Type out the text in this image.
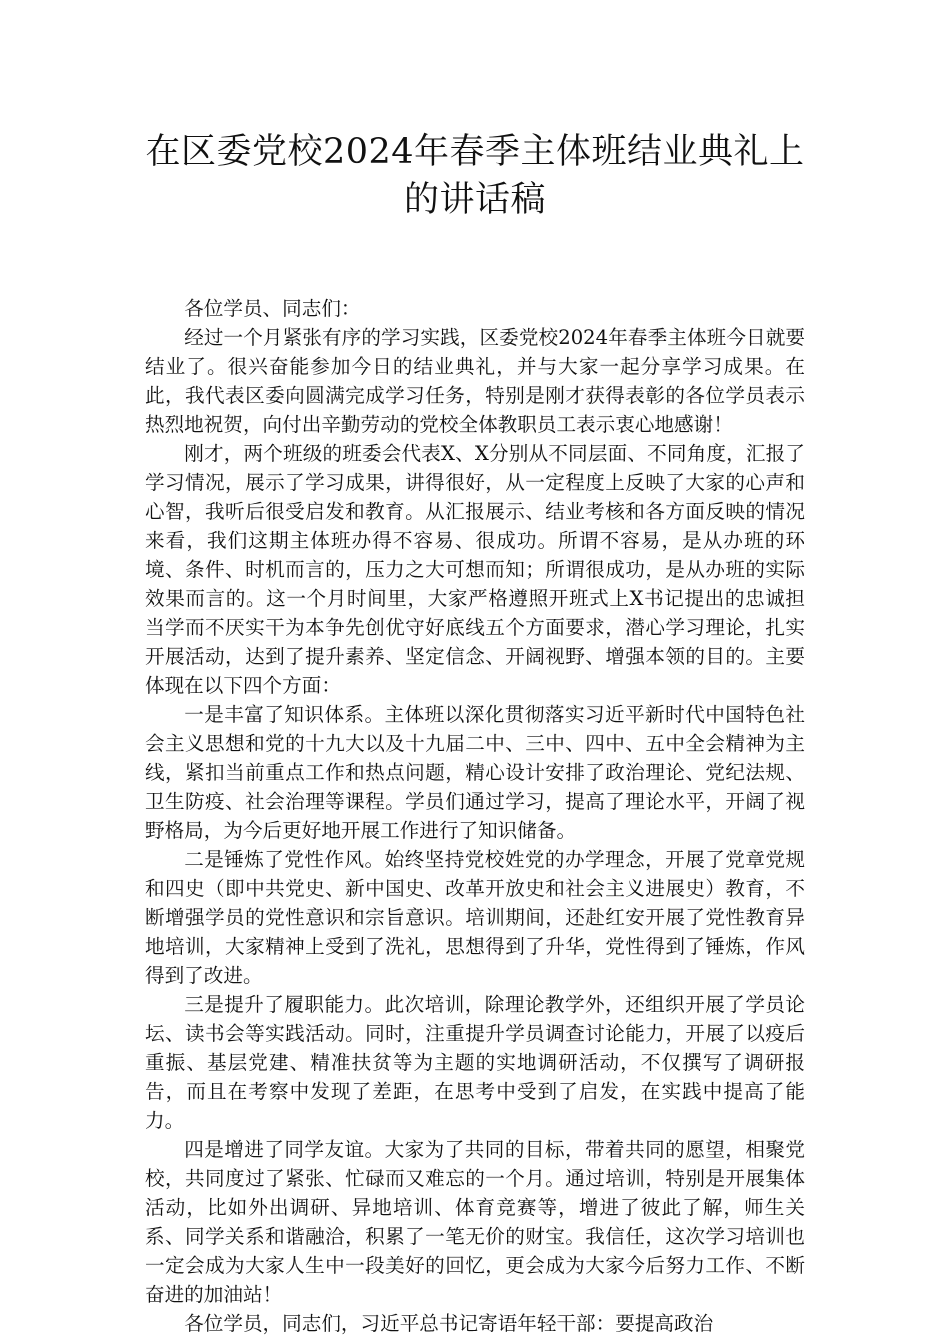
在区委党校2024年春季主体班结业典礼上
的讲话稿

各位学员、同志们：

经过一个月紧张有序的学习实践，区委党校2024年春季主体班今日就要结业了。很兴奋能参加今日的结业典礼，并与大家一起分享学习成果。在此，我代表区委向圆满完成学习任务，特别是刚才获得表彰的各位学员表示热烈地祝贺，向付出辛勤劳动的党校全体教职员工表示衷心地感谢！

刚才，两个班级的班委会代表X、X分别从不同层面、不同角度，汇报了学习情况，展示了学习成果，讲得很好，从一定程度上反映了大家的心声和心智，我听后很受启发和教育。从汇报展示、结业考核和各方面反映的情况来看，我们这期主体班办得不容易、很成功。所谓不容易，是从办班的环境、条件、时机而言的，压力之大可想而知；所谓很成功，是从办班的实际效果而言的。这一个月时间里，大家严格遵照开班式上X书记提出的忠诚担当学而不厌实干为本争先创优守好底线五个方面要求，潜心学习理论，扎实开展活动，达到了提升素养、坚定信念、开阔视野、增强本领的目的。主要体现在以下四个方面：

一是丰富了知识体系。主体班以深化贯彻落实习近平新时代中国特色社会主义思想和党的十九大以及十九届二中、三中、四中、五中全会精神为主线，紧扣当前重点工作和热点问题，精心设计安排了政治理论、党纪法规、卫生防疫、社会治理等课程。学员们通过学习，提高了理论水平，开阔了视野格局，为今后更好地开展工作进行了知识储备。

二是锤炼了党性作风。始终坚持党校姓党的办学理念，开展了党章党规和四史（即中共党史、新中国史、改革开放史和社会主义进展史）教育，不断增强学员的党性意识和宗旨意识。培训期间，还赴红安开展了党性教育异地培训，大家精神上受到了洗礼，思想得到了升华，党性得到了锤炼，作风得到了改进。

三是提升了履职能力。此次培训，除理论教学外，还组织开展了学员论坛、读书会等实践活动。同时，注重提升学员调查讨论能力，开展了以疫后重振、基层党建、精准扶贫等为主题的实地调研活动，不仅撰写了调研报告，而且在考察中发现了差距，在思考中受到了启发，在实践中提高了能力。

四是增进了同学友谊。大家为了共同的目标，带着共同的愿望，相聚党校，共同度过了紧张、忙碌而又难忘的一个月。通过培训，特别是开展集体活动，比如外出调研、异地培训、体育竞赛等，增进了彼此了解，师生关系、同学关系和谐融洽，积累了一笔无价的财宝。我信任，这次学习培训也一定会成为大家人生中一段美好的回忆，更会成为大家今后努力工作、不断奋进的加油站！

各位学员，同志们，习近平总书记寄语年轻干部：要提高政治
